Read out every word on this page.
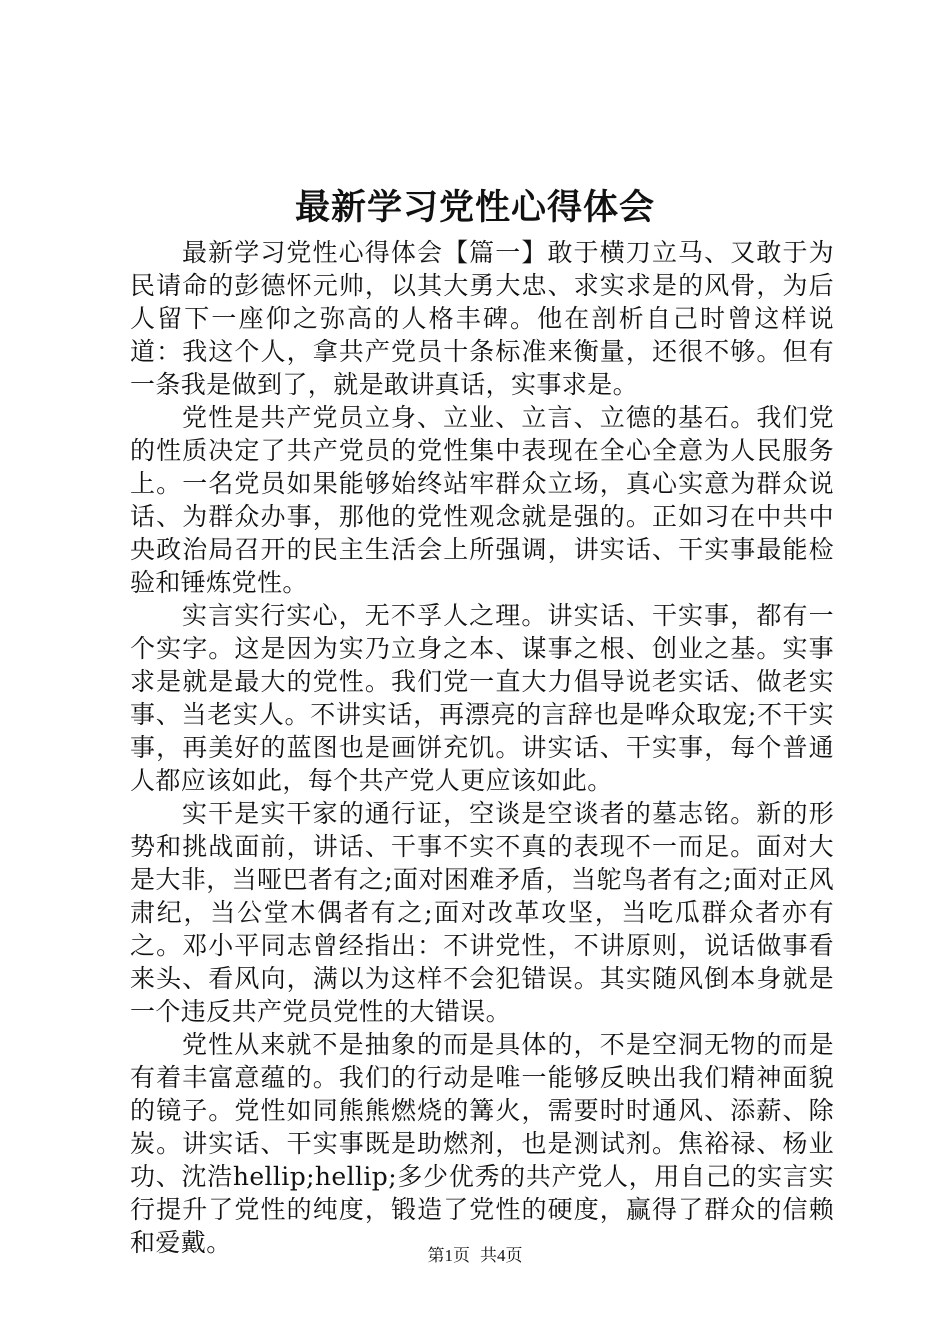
最新学习党性心得体会

最新学习党性心得体会【篇一】敢于横刀立马、又敢于为民请命的彭德怀元帅，以其大勇大忠、求实求是的风骨，为后人留下一座仰之弥高的人格丰碑。他在剖析自己时曾这样说道：我这个人，拿共产党员十条标准来衡量，还很不够。但有一条我是做到了，就是敢讲真话，实事求是。

党性是共产党员立身、立业、立言、立德的基石。我们党的性质决定了共产党员的党性集中表现在全心全意为人民服务上。一名党员如果能够始终站牢群众立场，真心实意为群众说话、为群众办事，那他的党性观念就是强的。正如习在中共中央政治局召开的民主生活会上所强调，讲实话、干实事最能检验和锤炼党性。

实言实行实心，无不孚人之理。讲实话、干实事，都有一个实字。这是因为实乃立身之本、谋事之根、创业之基。实事求是就是最大的党性。我们党一直大力倡导说老实话、做老实事、当老实人。不讲实话，再漂亮的言辞也是哗众取宠;不干实事，再美好的蓝图也是画饼充饥。讲实话、干实事，每个普通人都应该如此，每个共产党人更应该如此。

实干是实干家的通行证，空谈是空谈者的墓志铭。新的形势和挑战面前，讲话、干事不实不真的表现不一而足。面对大是大非，当哑巴者有之;面对困难矛盾，当鸵鸟者有之;面对正风肃纪，当公堂木偶者有之;面对改革攻坚，当吃瓜群众者亦有之。邓小平同志曾经指出：不讲党性，不讲原则，说话做事看来头、看风向，满以为这样不会犯错误。其实随风倒本身就是一个违反共产党员党性的大错误。

党性从来就不是抽象的而是具体的，不是空洞无物的而是有着丰富意蕴的。我们的行动是唯一能够反映出我们精神面貌的镜子。党性如同熊熊燃烧的篝火，需要时时通风、添薪、除炭。讲实话、干实事既是助燃剂，也是测试剂。焦裕禄、杨业功、沈浩hellip;hellip;多少优秀的共产党人，用自己的实言实行提升了党性的纯度，锻造了党性的硬度，赢得了群众的信赖和爱戴。	第1页 共4页
